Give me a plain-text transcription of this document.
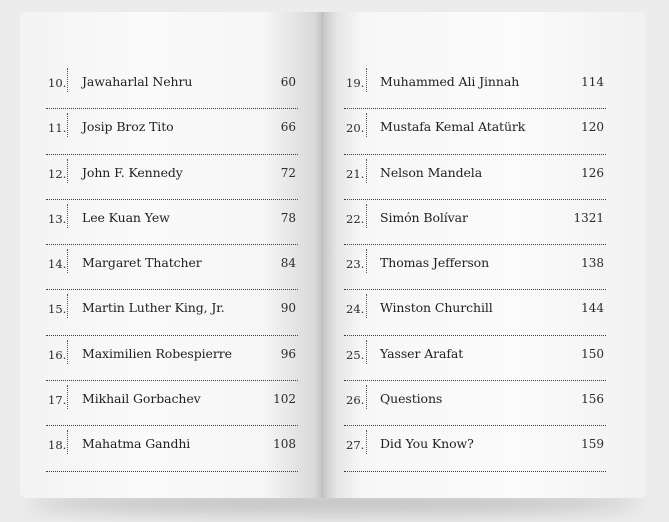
10. Jawaharlal Nehru	60
11. Josip Broz Tito	66
12. John F. Kennedy	72
13. Lee Kuan Yew	78
14. Margaret Thatcher	84
15. Martin Luther King, Jr.	90
16. Maximilien Robespierre	96
17. Mikhail Gorbachev	102
18. Mahatma Gandhi	108
19. Muhammed Ali Jinnah	114
20. Mustafa Kemal Atatürk	120
21. Nelson Mandela	126
22. Simón Bolívar	1321
23. Thomas Jefferson	138
24. Winston Churchill	144
25. Yasser Arafat	150
26. Questions	156
27. Did You Know?	159
